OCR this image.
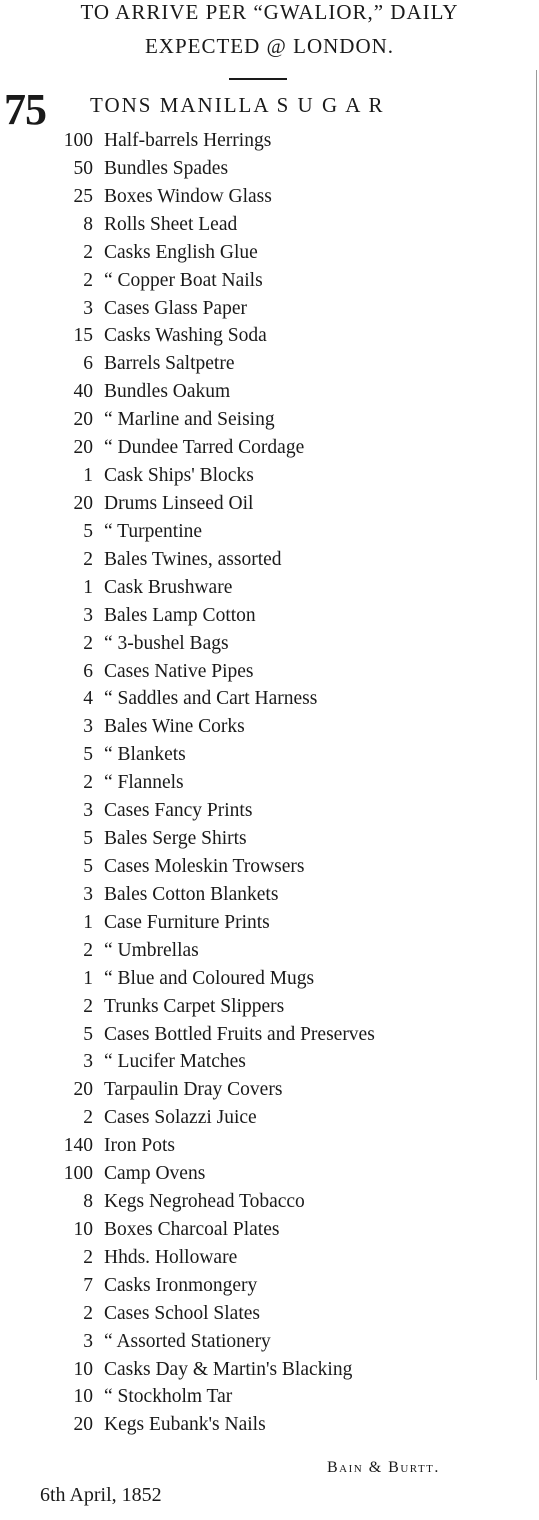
TO ARRIVE PER “GWALIOR,” DAILY
EXPECTED @ LONDON.
75 TONS MANILLA S U G A R
100 Half-barrels Herrings
50 Bundles Spades
25 Boxes Window Glass
8 Rolls Sheet Lead
2 Casks English Glue
2 “ Copper Boat Nails
3 Cases Glass Paper
15 Casks Washing Soda
6 Barrels Saltpetre
40 Bundles Oakum
20 “ Marline and Seising
20 “ Dundee Tarred Cordage
1 Cask Ships' Blocks
20 Drums Linseed Oil
5 “ Turpentine
2 Bales Twines, assorted
1 Cask Brushware
3 Bales Lamp Cotton
2 “ 3-bushel Bags
6 Cases Native Pipes
4 “ Saddles and Cart Harness
3 Bales Wine Corks
5 “ Blankets
2 “ Flannels
3 Cases Fancy Prints
5 Bales Serge Shirts
5 Cases Moleskin Trowsers
3 Bales Cotton Blankets
1 Case Furniture Prints
2 “ Umbrellas
1 “ Blue and Coloured Mugs
2 Trunks Carpet Slippers
5 Cases Bottled Fruits and Preserves
3 “ Lucifer Matches
20 Tarpaulin Dray Covers
2 Cases Solazzi Juice
140 Iron Pots
100 Camp Ovens
8 Kegs Negrohead Tobacco
10 Boxes Charcoal Plates
2 Hhds. Holloware
7 Casks Ironmongery
2 Cases School Slates
3 “ Assorted Stationery
10 Casks Day & Martin's Blacking
10 “ Stockholm Tar
20 Kegs Eubank's Nails
Bain & Burtt.
6th April, 1852
